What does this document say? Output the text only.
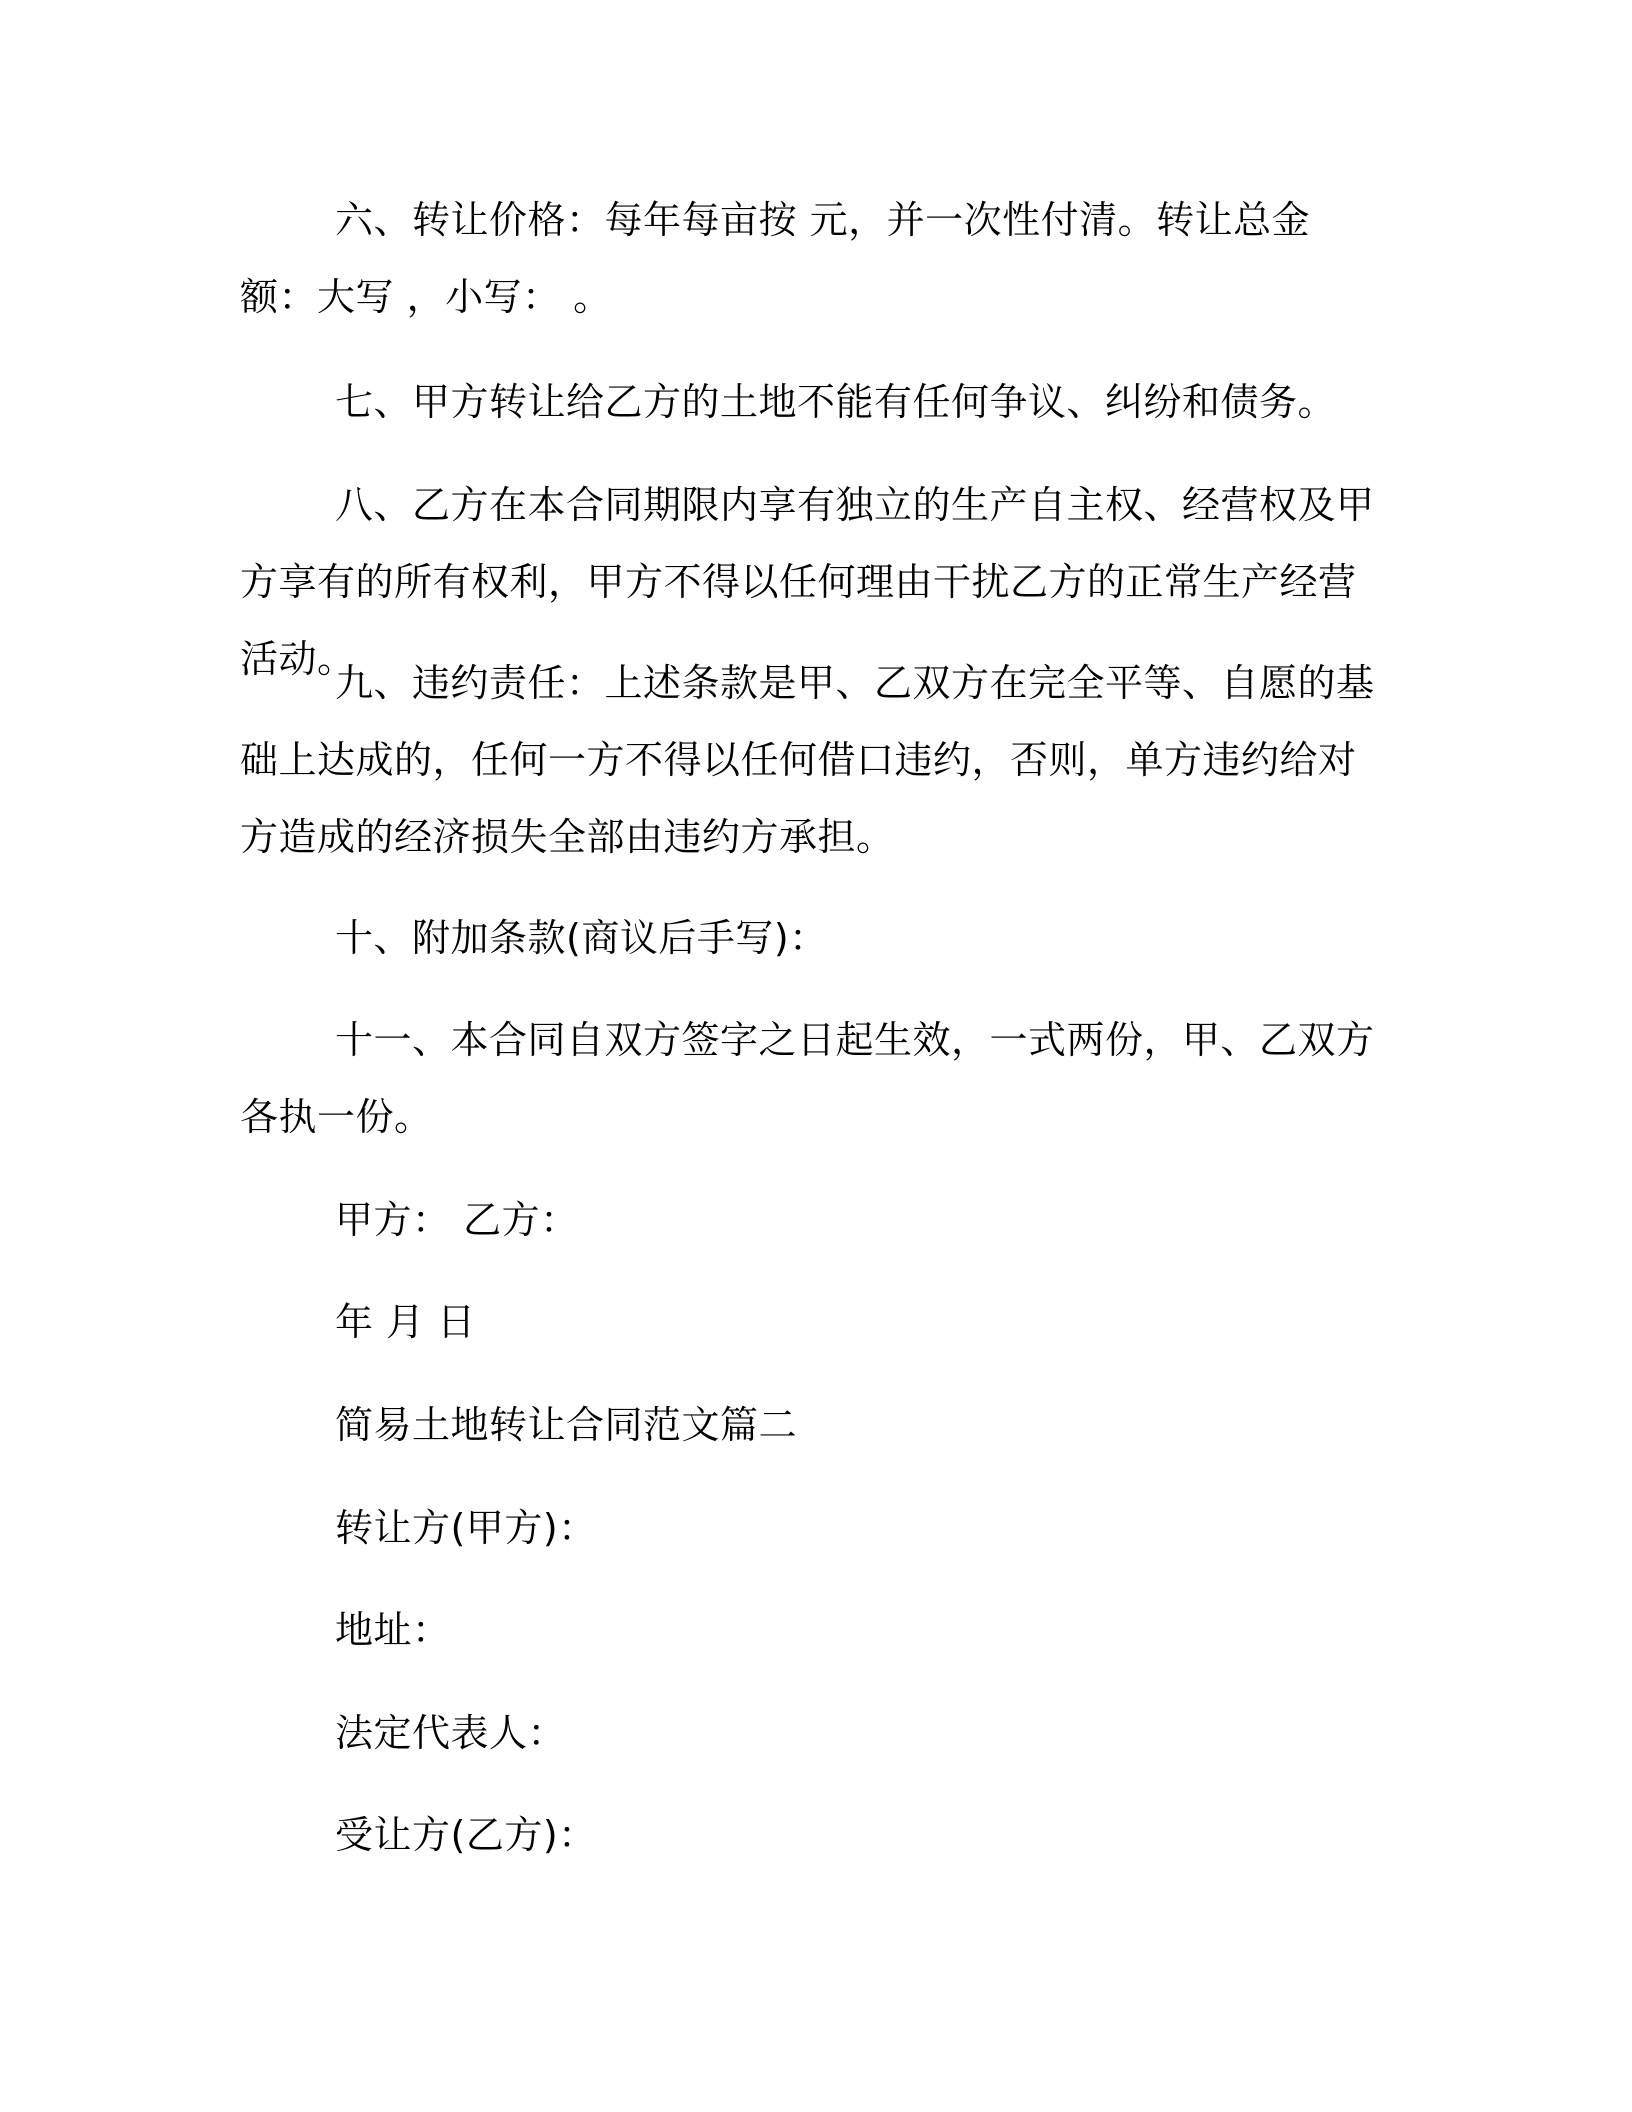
六、转让价格：每年每亩按 元，并一次性付清。转让总金额：大写 ，小写： 。

七、甲方转让给乙方的土地不能有任何争议、纠纷和债务。

八、乙方在本合同期限内享有独立的生产自主权、经营权及甲方享有的所有权利，甲方不得以任何理由干扰乙方的正常生产经营活动。

九、违约责任：上述条款是甲、乙双方在完全平等、自愿的基础上达成的，任何一方不得以任何借口违约，否则，单方违约给对方造成的经济损失全部由违约方承担。

十、附加条款(商议后手写)：

十一、本合同自双方签字之日起生效，一式两份，甲、乙双方各执一份。

甲方： 乙方：

年 月 日

简易土地转让合同范文篇二

转让方(甲方)：

地址：

法定代表人：

受让方(乙方)：
